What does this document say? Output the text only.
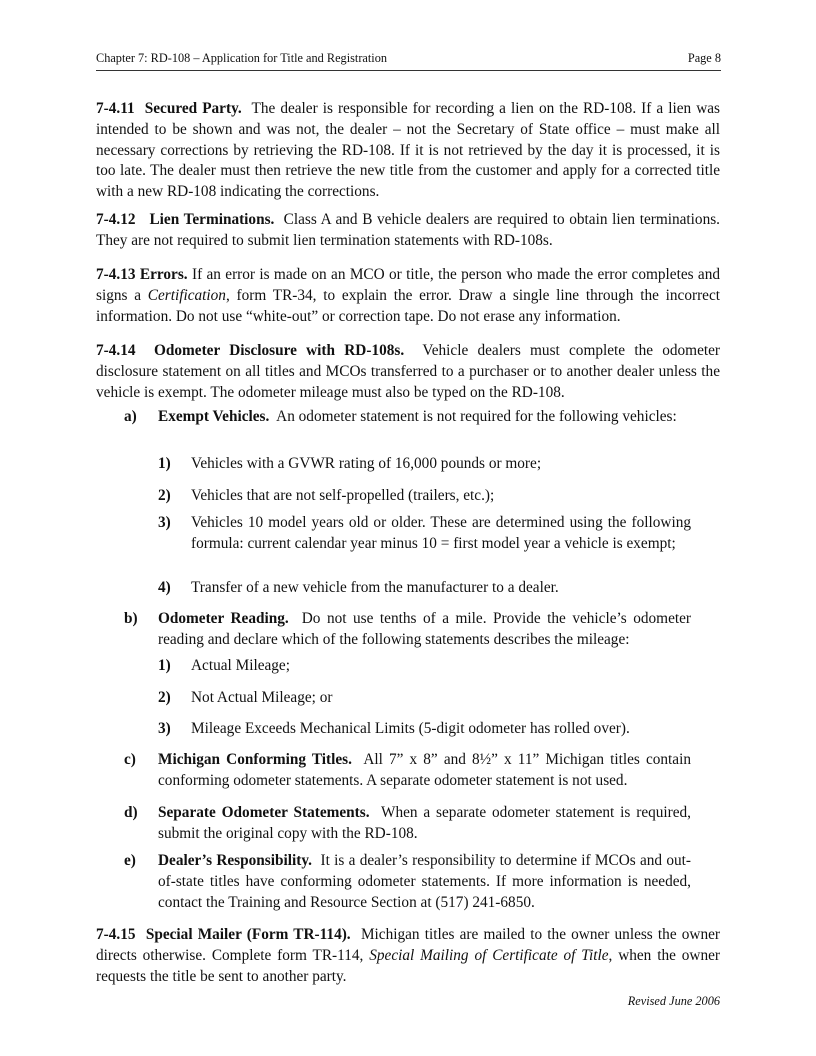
Chapter 7: RD-108 – Application for Title and Registration	Page 8
7-4.11 Secured Party. The dealer is responsible for recording a lien on the RD-108. If a lien was intended to be shown and was not, the dealer – not the Secretary of State office – must make all necessary corrections by retrieving the RD-108. If it is not retrieved by the day it is processed, it is too late. The dealer must then retrieve the new title from the customer and apply for a corrected title with a new RD-108 indicating the corrections.
7-4.12 Lien Terminations. Class A and B vehicle dealers are required to obtain lien terminations. They are not required to submit lien termination statements with RD-108s.
7-4.13 Errors. If an error is made on an MCO or title, the person who made the error completes and signs a Certification, form TR-34, to explain the error. Draw a single line through the incorrect information. Do not use “white-out” or correction tape. Do not erase any information.
7-4.14 Odometer Disclosure with RD-108s. Vehicle dealers must complete the odometer disclosure statement on all titles and MCOs transferred to a purchaser or to another dealer unless the vehicle is exempt. The odometer mileage must also be typed on the RD-108.
a) Exempt Vehicles. An odometer statement is not required for the following vehicles:
1) Vehicles with a GVWR rating of 16,000 pounds or more;
2) Vehicles that are not self-propelled (trailers, etc.);
3) Vehicles 10 model years old or older. These are determined using the following formula: current calendar year minus 10 = first model year a vehicle is exempt;
4) Transfer of a new vehicle from the manufacturer to a dealer.
b) Odometer Reading. Do not use tenths of a mile. Provide the vehicle’s odometer reading and declare which of the following statements describes the mileage:
1) Actual Mileage;
2) Not Actual Mileage; or
3) Mileage Exceeds Mechanical Limits (5-digit odometer has rolled over).
c) Michigan Conforming Titles. All 7” x 8” and 8½” x 11” Michigan titles contain conforming odometer statements. A separate odometer statement is not used.
d) Separate Odometer Statements. When a separate odometer statement is required, submit the original copy with the RD-108.
e) Dealer’s Responsibility. It is a dealer’s responsibility to determine if MCOs and out-of-state titles have conforming odometer statements. If more information is needed, contact the Training and Resource Section at (517) 241-6850.
7-4.15 Special Mailer (Form TR-114). Michigan titles are mailed to the owner unless the owner directs otherwise. Complete form TR-114, Special Mailing of Certificate of Title, when the owner requests the title be sent to another party.
Revised June 2006
